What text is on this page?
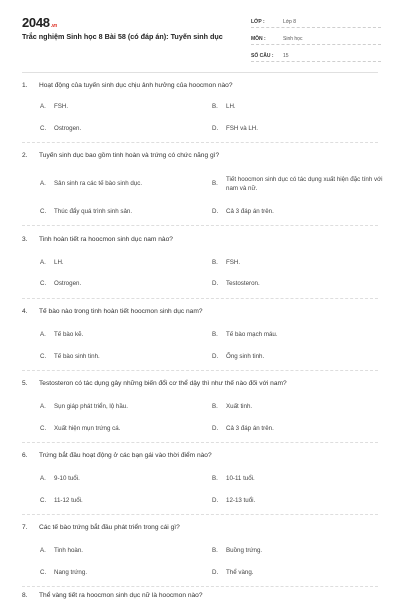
2048.vn
Trắc nghiệm Sinh học 8 Bài 58 (có đáp án): Tuyến sinh dục
LỚP :	Lớp 8
MÔN :	Sinh học
SỐ CÂU :	15
1. Hoạt động của tuyến sinh dục chịu ảnh hưởng của hoocmon nào?
A.	FSH.	B.	LH.
C.	Ostrogen.	D.	FSH và LH.
2. Tuyến sinh dục bao gồm tinh hoàn và trứng có chức năng gì?
A.	Sản sinh ra các tế bào sinh dục.	B.
Tiết hoocmon sinh dục có tác dụng xuất hiện đặc tính với nam và nữ.
C.	Thúc đẩy quá trình sinh sản.	D.	Cả 3 đáp án trên.
3. Tinh hoàn tiết ra hoocmon sinh dục nam nào?
A.	LH.	B.	FSH.
C.	Ostrogen.	D.	Testosteron.
4. Tế bào nào trong tinh hoàn tiết hoocmon sinh dục nam?
A.	Tế bào kẽ.	B.	Tế bào mạch máu.
C.	Tế bào sinh tinh.	D.	Ống sinh tinh.
5. Testosteron có tác dụng gây những biến đổi cơ thể dậy thì như thế nào đối với nam?
A.	Sụn giáp phát triển, lộ hầu.	B.	Xuất tinh.
C.	Xuất hiện mụn trứng cá.	D.	Cả 3 đáp án trên.
6. Trứng bắt đầu hoạt động ở các bạn gái vào thời điểm nào?
A.	9-10 tuổi.	B.	10-11 tuổi.
C.	11-12 tuổi.	D.	12-13 tuổi.
7. Các tế bào trứng bắt đầu phát triển trong cái gì?
A.	Tinh hoàn.	B.	Buồng trứng.
C.	Nang trứng.	D.	Thể vàng.
8. Thể vàng tiết ra hoocmon sinh dục nữ là hoocmon nào?
